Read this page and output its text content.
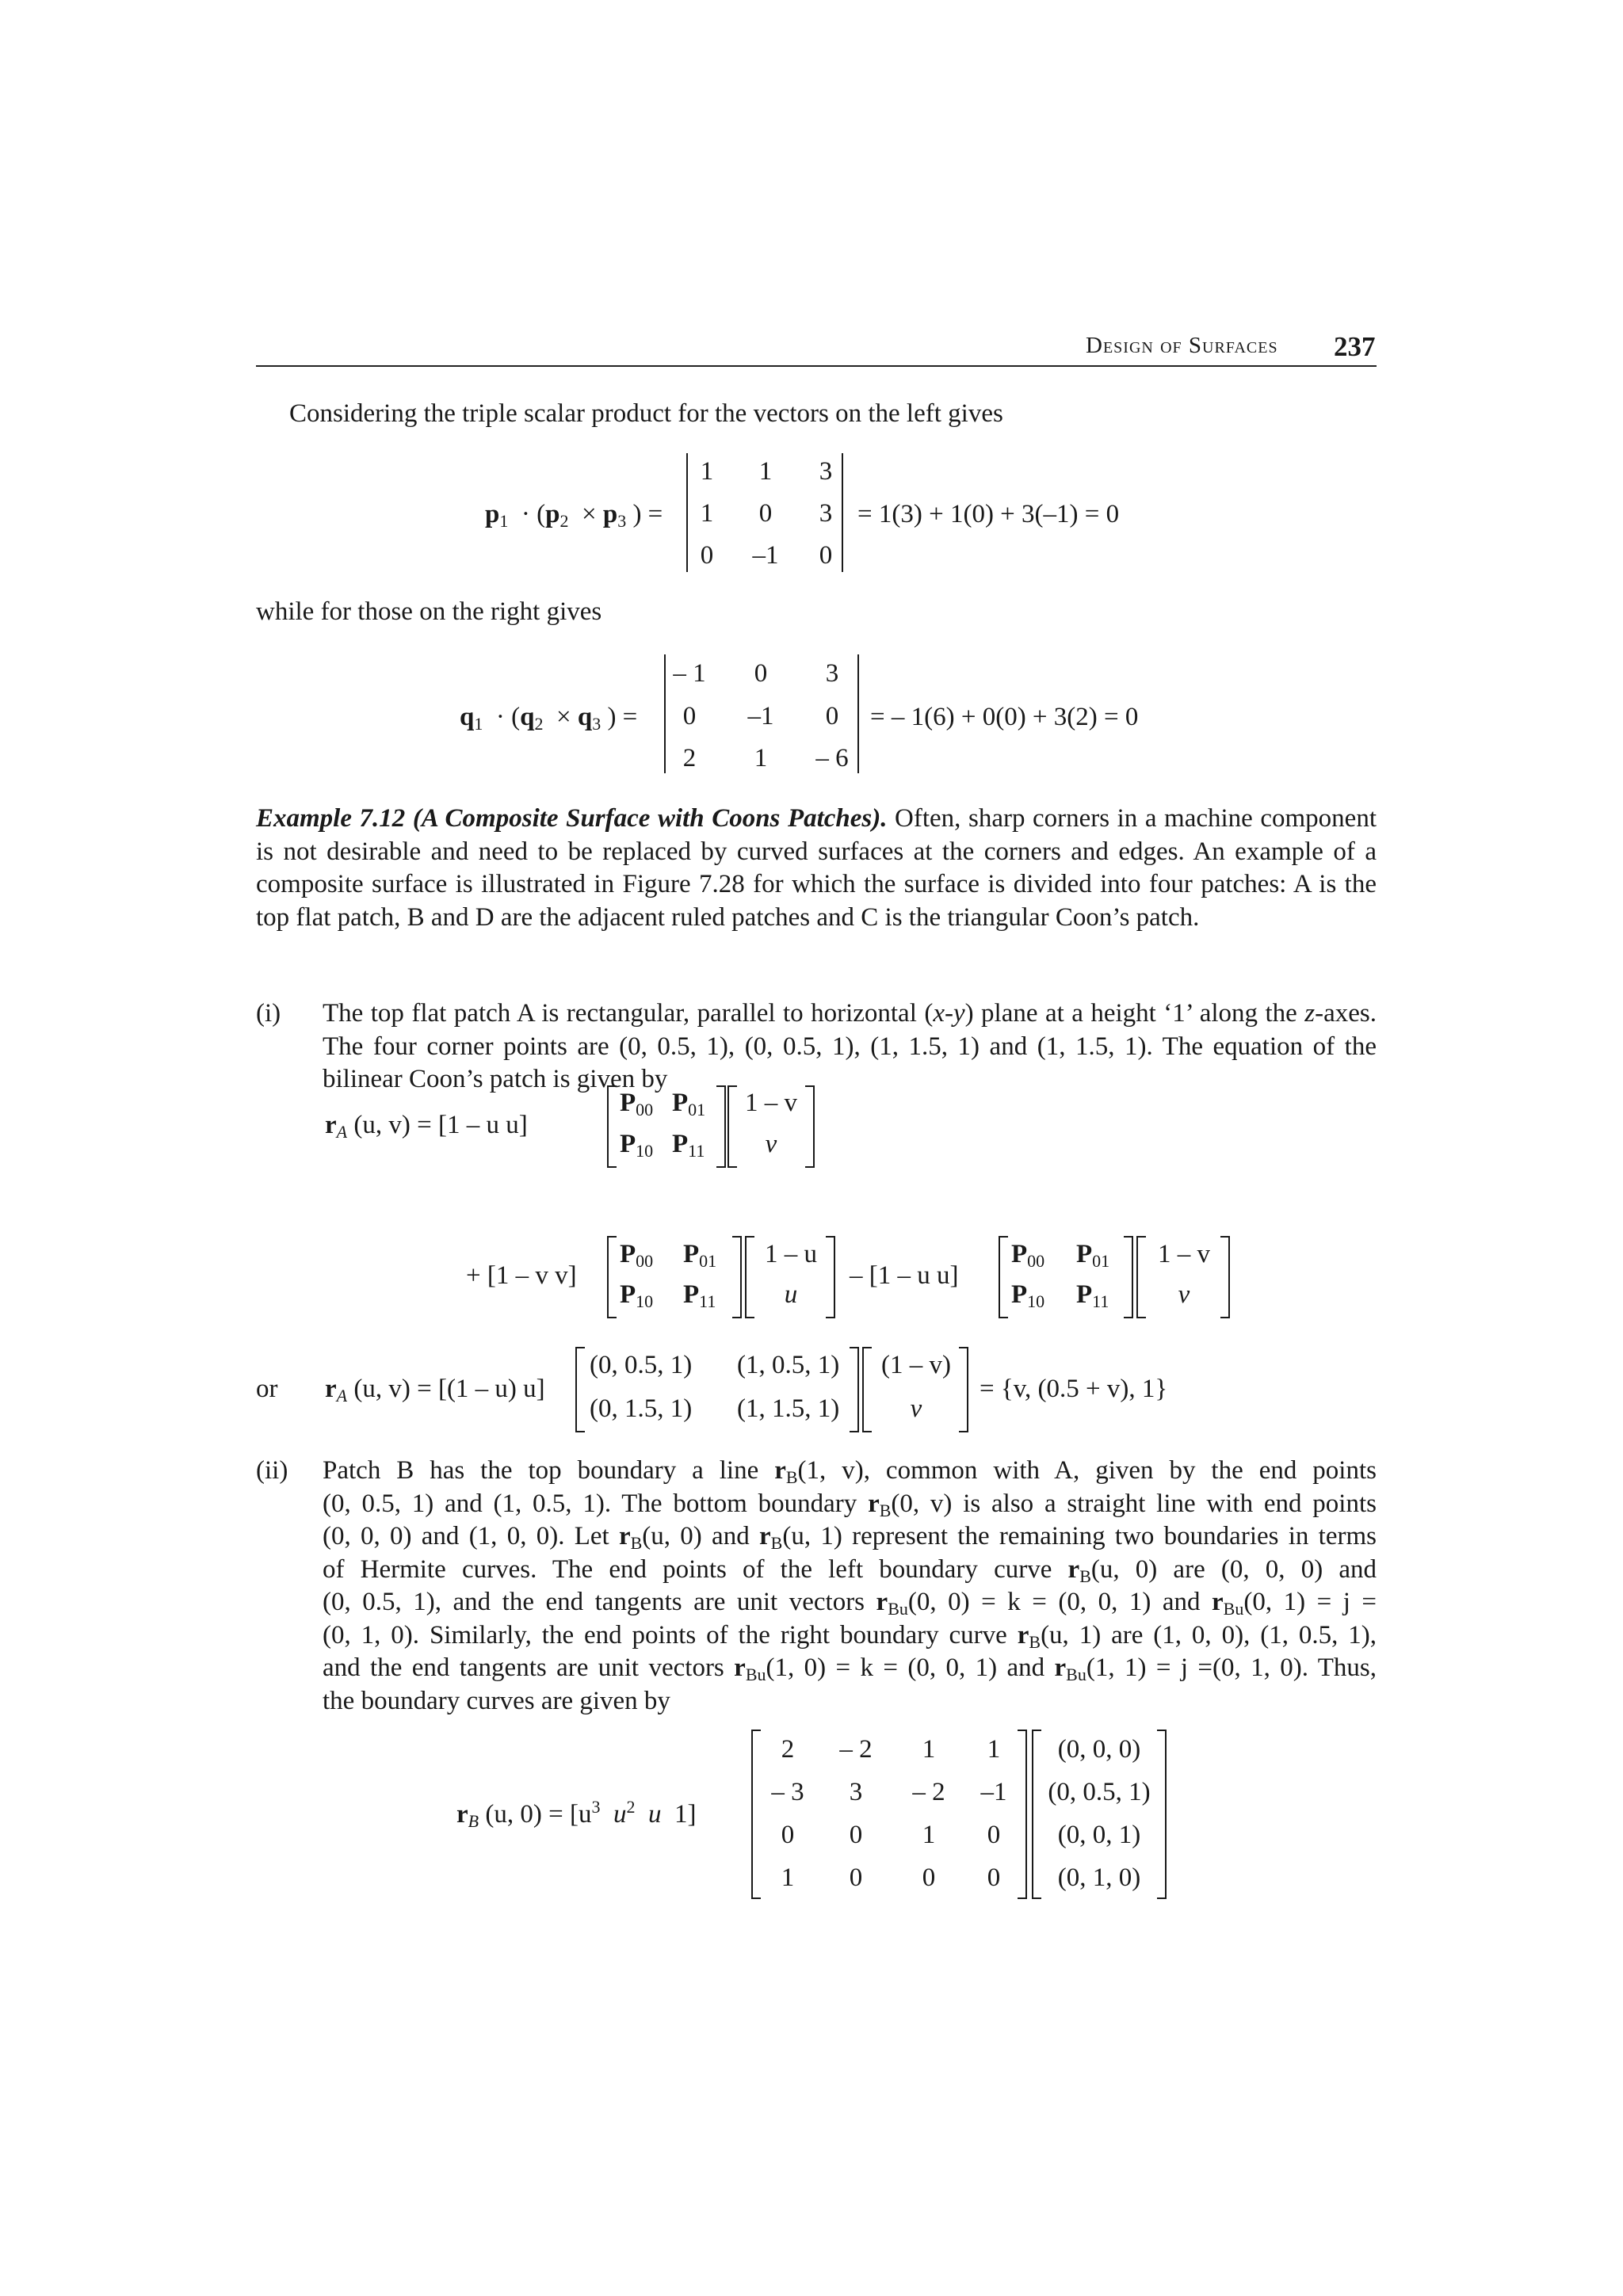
Design of Surfaces 237
Considering the triple scalar product for the vectors on the left gives
$p_1 \cdot (p_2 \times p_3$ ) =
1	1	3
1	0	3
0	–1	0
= 1(3) + 1(0) + 3(–1) = 0
while for those on the right gives
$q_1 \cdot (q_2 \times q_3$ ) =
– 1	0	3
0	–1	0
2	1	– 6
= – 1(6) + 0(0) + 3(2) = 0
Example 7.12 (A Composite Surface with Coons Patches). Often, sharp corners in a machine component is not desirable and need to be replaced by curved surfaces at the corners and edges. An example of a composite surface is illustrated in Figure 7.28 for which the surface is divided into four patches: A is the top flat patch, B and D are the adjacent ruled patches and C is the triangular Coon’s patch.
(i) The top flat patch A is rectangular, parallel to horizontal (x-y) plane at a height ‘1’ along the z-axes. The four corner points are (0, 0.5, 1), (0, 0.5, 1), (1, 1.5, 1) and (1, 1.5, 1). The equation of the bilinear Coon’s patch is given by
$r_A$ (u, v) = [1 – u u]
$P_{00}$ $P_{01}$
$P_{10}$ $P_{11}$
1 – v
v
+ [1 – v v]
$P_{00}$ $P_{01}$
$P_{10}$ $P_{11}$
1 – u
u
– [1 – u u]
$P_{00}$ $P_{01}$
$P_{10}$ $P_{11}$
1 – v
v
or $r_A$ (u, v) = [(1 – u) u]
(0, 0.5, 1) (1, 0.5, 1)
(0, 1.5, 1) (1, 1.5, 1)
(1 – v)
v
= {v, (0.5 + v), 1}
(ii) Patch B has the top boundary a line $r_B(1$, v), common with A, given by the end points
(0, 0.5, 1) and (1, 0.5, 1). The bottom boundary $r_B(0$, v) is also a straight line with end points
(0, 0, 0) and (1, 0, 0). Let $r_B(u$, 0) and $r_B(u$, 1) represent the remaining two boundaries in terms
of Hermite curves. The end points of the left boundary curve $r_B(u$, 0) are (0, 0, 0) and
(0, 0.5, 1), and the end tangents are unit vectors $r_{Bu}(0$, 0) = k = (0, 0, 1) and $r_{Bu}(0$, 1) = j =
(0, 1, 0). Similarly, the end points of the right boundary curve $r_B(u$, 1) are (1, 0, 0), (1, 0.5, 1),
and the end tangents are unit vectors $r_{Bu}(1$, 0) = k = (0, 0, 1) and $r_{Bu}(1$, 1) = j =(0, 1, 0). Thus,
the boundary curves are given by
$r_B$ (u, $0) = [u^3$ $u^2$ u  1]
2	– 2	1	1
– 3	3	– 2	–1
0	0	1	0
1	0	0	0
(0, 0, 0)
(0, 0.5, 1)
(0, 0, 1)
(0, 1, 0)
